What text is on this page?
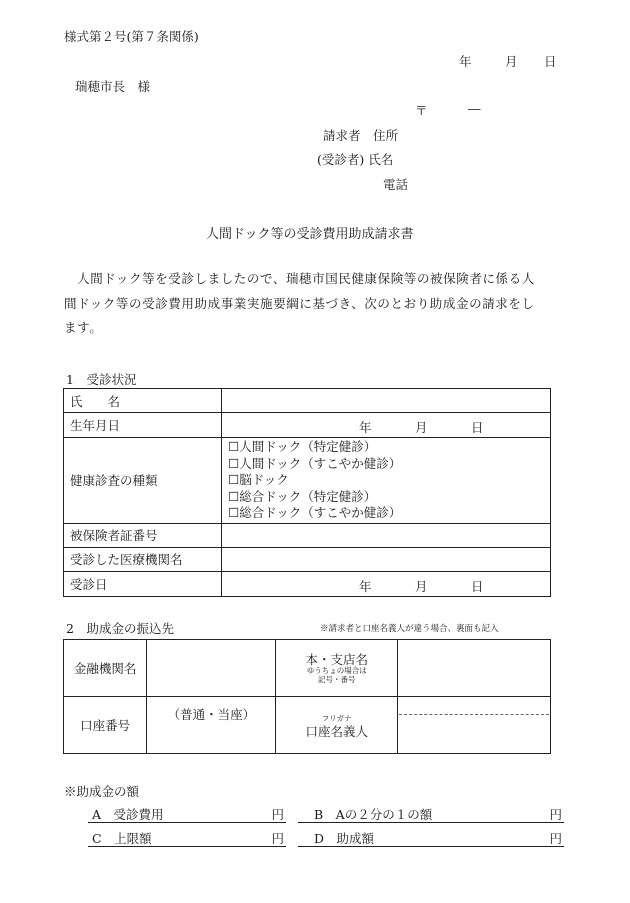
様式第２号(第７条関係)
年	月 日
瑞穂市長　様
〒	―
請求者　住所
(受診者) 氏名
電話
人間ドック等の受診費用助成請求書

　人間ドック等を受診しましたので、瑞穂市国民健康保険等の被保険者に係る人

間ドック等の受診費用助成事業実施要綱に基づき、次のとおり助成金の請求をし

ます。

1　受診状況
氏　　名	
生年月日	年 月 日

健康診査の種類	☐人間ドック（特定健診）
☐人間ドック（すこやか健診）
☐脳ドック
☐総合ドック（特定健診）
☐総合ドック（すこやか健診）

被保険者証番号	
受診した医療機関名	
受診日	年 月 日
2　助成金の振込先	※請求者と口座名義人が違う場合、裏面も記入
金融機関名		本・支店名
ゆうちょの場合は
記号・番号	

口座番号	（普通・当座）	フリガナ
口座名義人	

※助成金の額
A　受診費用	円 B　Aの２分の１の額	円
C　上限額	円 D　助成額	円
